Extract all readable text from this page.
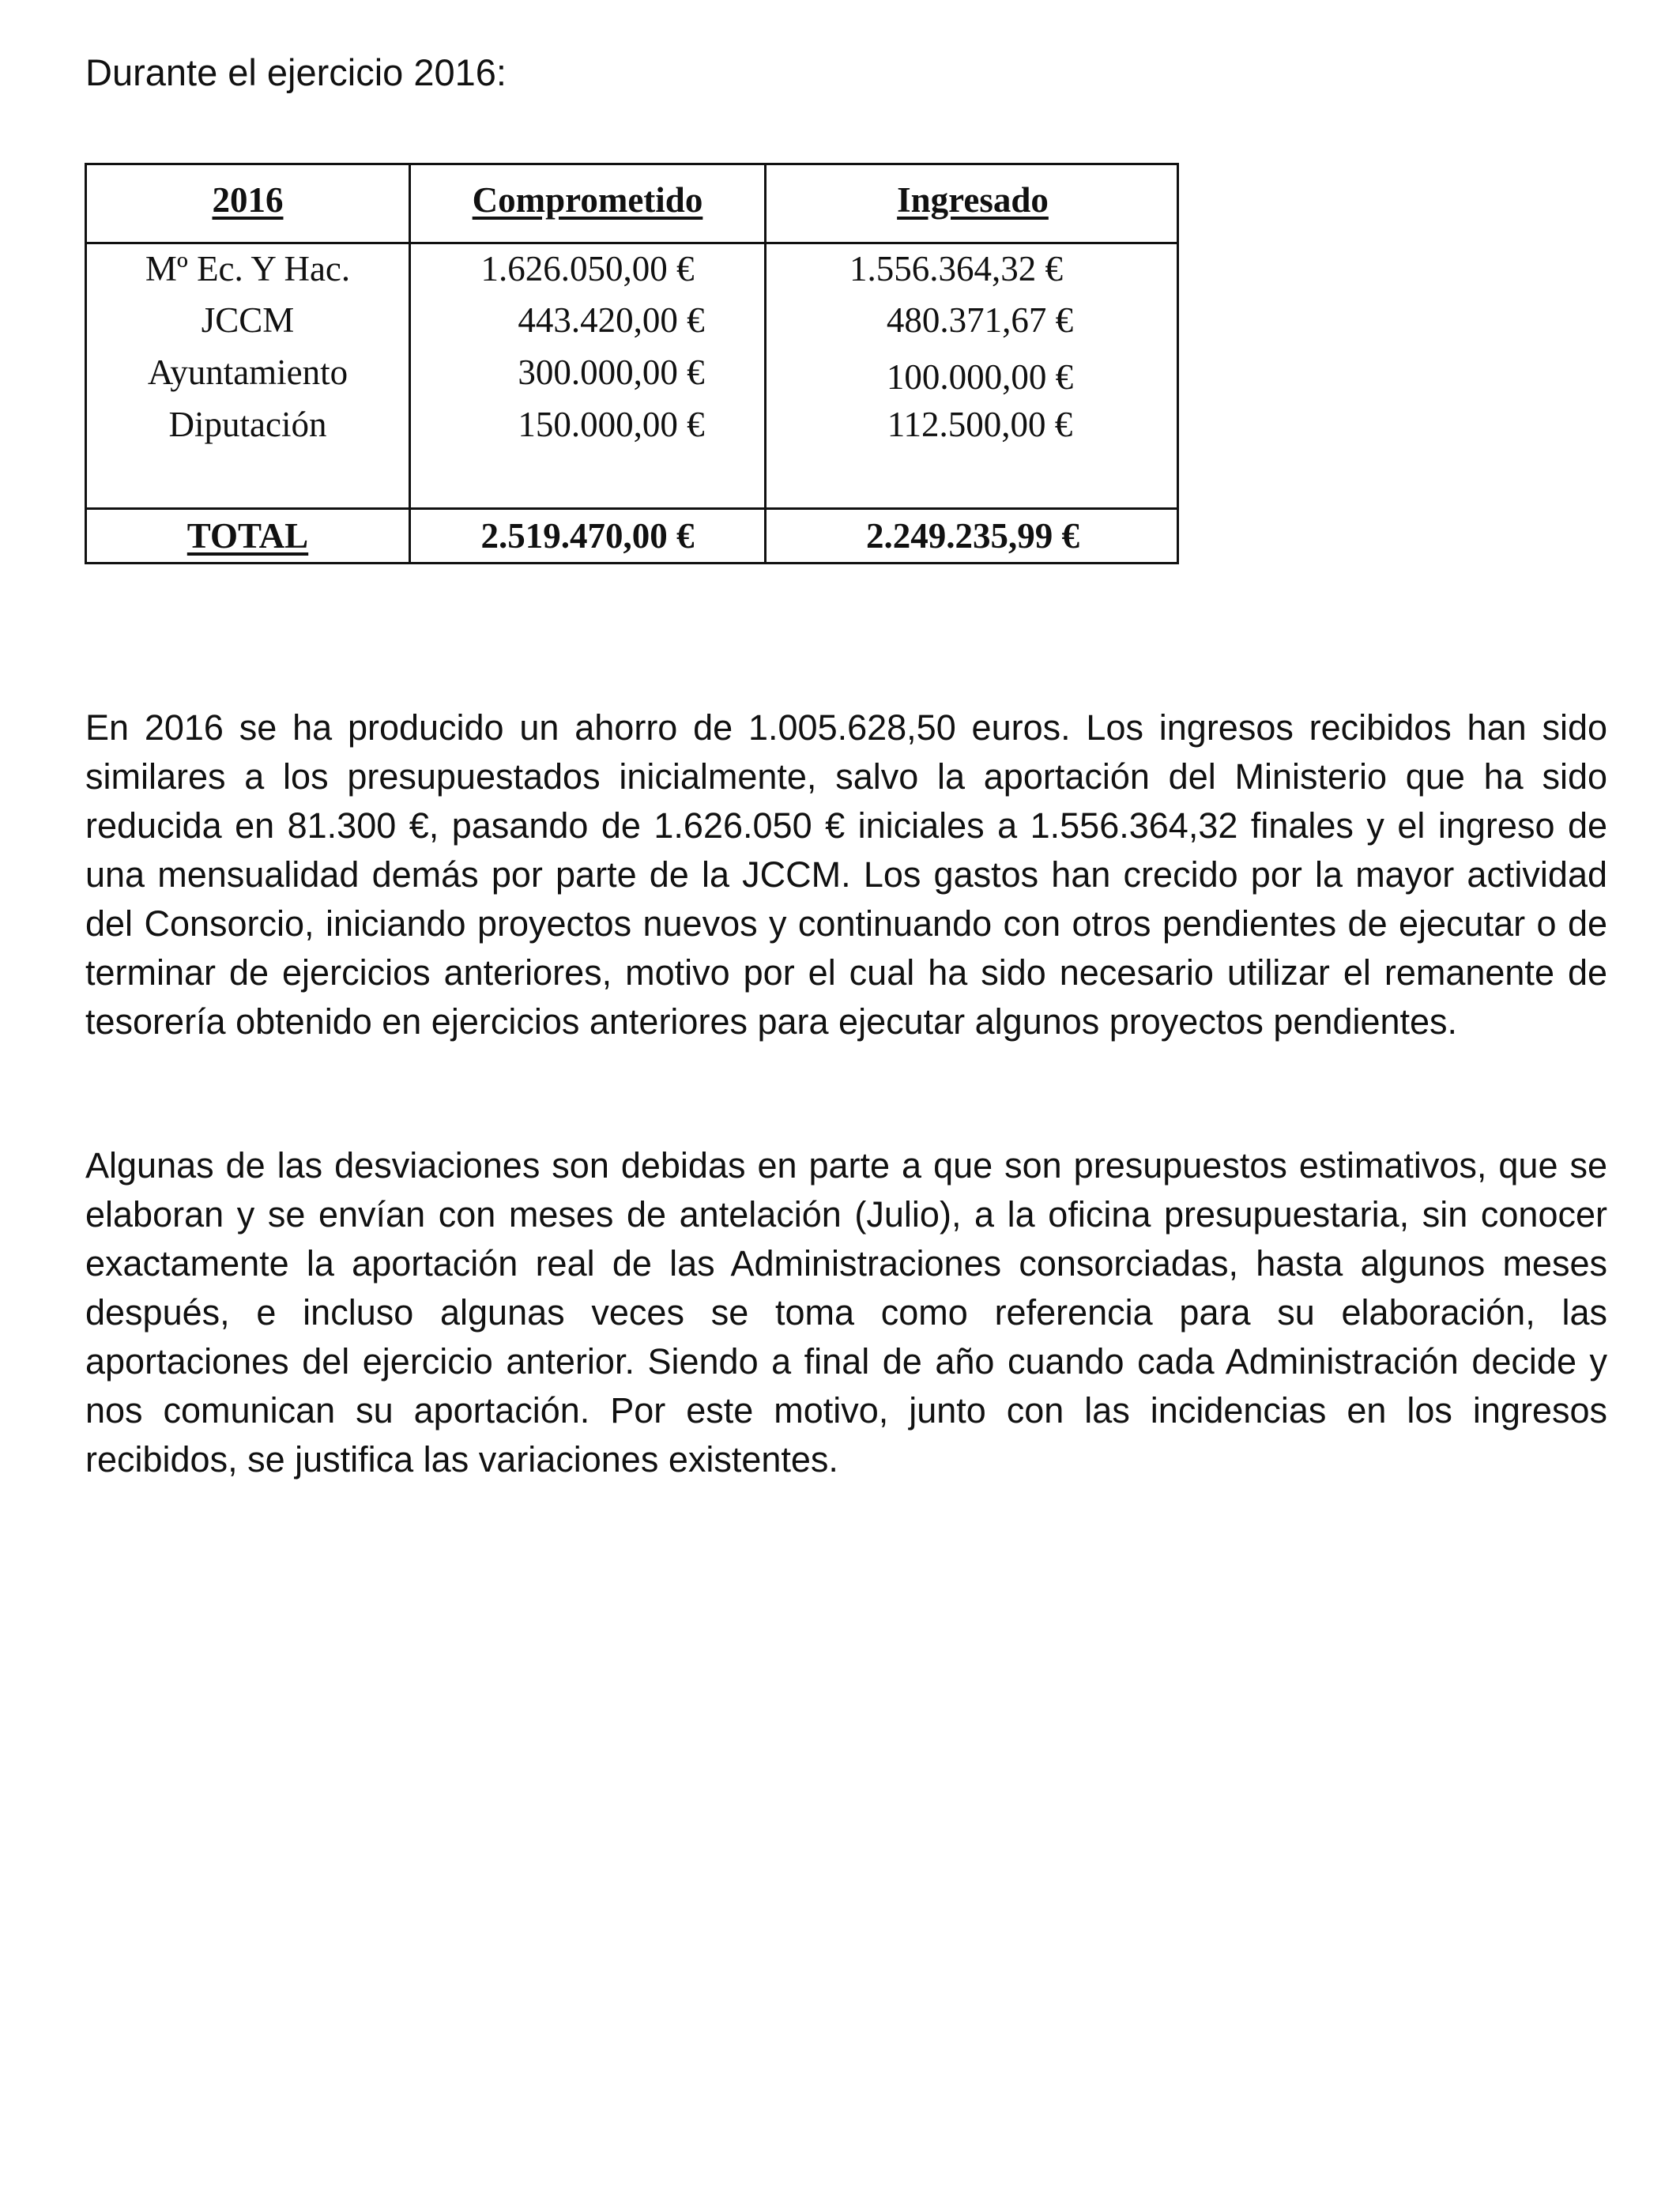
Durante el ejercicio 2016:

2016	Comprometido	Ingresado
Mº Ec. Y Hac.	1.626.050,00 €	1.556.364,32 €
JCCM	443.420,00 €	480.371,67 €
Ayuntamiento	300.000,00 €	100.000,00 €
Diputación	150.000,00 €	112.500,00 €
TOTAL	2.519.470,00 €	2.249.235,99 €

En 2016 se ha producido un ahorro de 1.005.628,50 euros. Los ingresos recibidos han sido similares a los presupuestados inicialmente, salvo la aportación del Ministerio que ha sido reducida en 81.300 €, pasando de 1.626.050 € iniciales a 1.556.364,32 finales y el ingreso de una mensualidad demás por parte de la JCCM. Los gastos han crecido por la mayor actividad del Consorcio, iniciando proyectos nuevos y continuando con otros pendientes de ejecutar o de terminar de ejercicios anteriores, motivo por el cual ha sido necesario utilizar el remanente de tesorería obtenido en ejercicios anteriores para ejecutar algunos proyectos pendientes.

Algunas de las desviaciones son debidas en parte a que son presupuestos estimativos, que se elaboran y se envían con meses de antelación (Julio), a la oficina presupuestaria, sin conocer exactamente la aportación real de las Administraciones consorciadas, hasta algunos meses después, e incluso algunas veces se toma como referencia para su elaboración, las aportaciones del ejercicio anterior. Siendo a final de año cuando cada Administración decide y nos comunican su aportación. Por este motivo, junto con las incidencias en los ingresos recibidos, se justifica las variaciones existentes.
